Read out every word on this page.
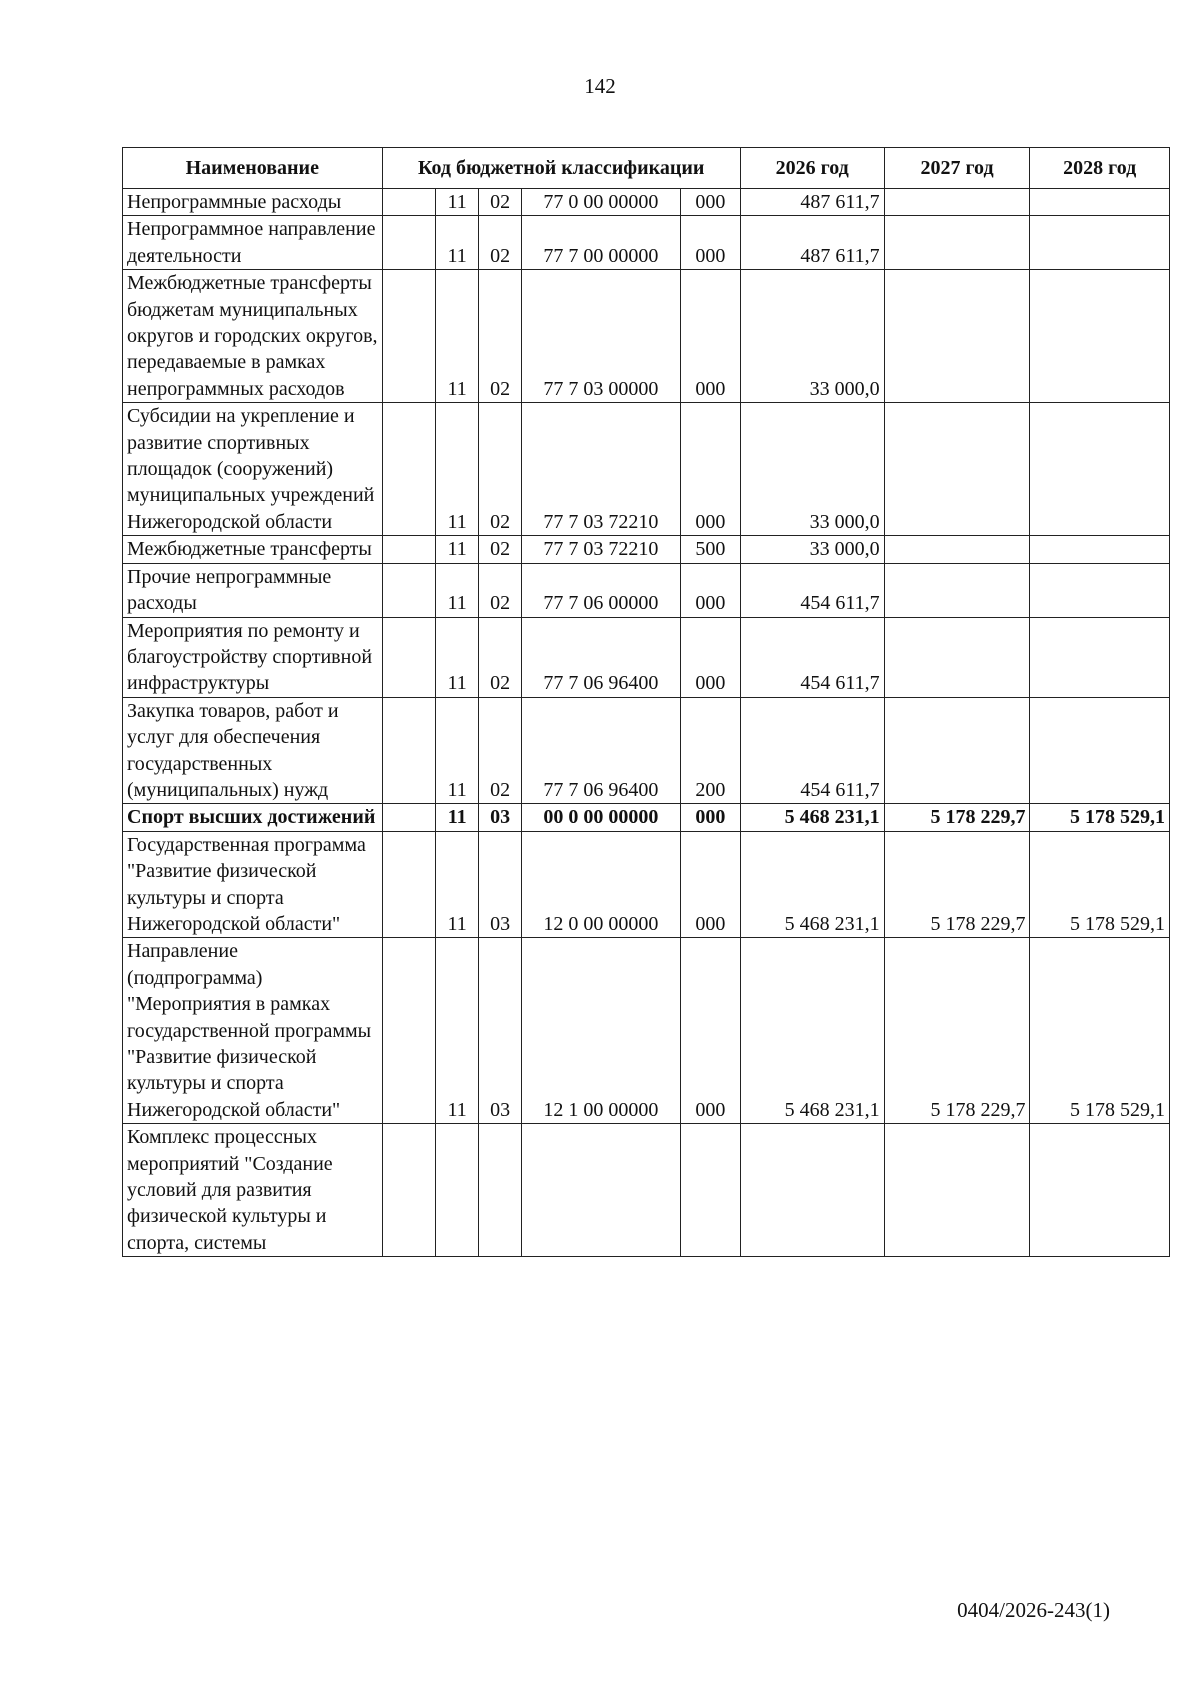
142
Наименование	Код бюджетной классификации					2026 год	2027 год	2028 год
Непрограммные расходы		11	02	77 0 00 00000	000	487 611,7		
Непрограммное направление деятельности		11	02	77 7 00 00000	000	487 611,7		
Межбюджетные трансферты бюджетам муниципальных округов и городских округов, передаваемые в рамках непрограммных расходов		11	02	77 7 03 00000	000	33 000,0		
Субсидии на укрепление и развитие спортивных площадок (сооружений) муниципальных учреждений Нижегородской области		11	02	77 7 03 72210	000	33 000,0		
Межбюджетные трансферты		11	02	77 7 03 72210	500	33 000,0		
Прочие непрограммные расходы		11	02	77 7 06 00000	000	454 611,7		
Мероприятия по ремонту и благоустройству спортивной инфраструктуры		11	02	77 7 06 96400	000	454 611,7		
Закупка товаров, работ и услуг для обеспечения государственных (муниципальных) нужд		11	02	77 7 06 96400	200	454 611,7		
Спорт высших достижений		11	03	00 0 00 00000	000	5 468 231,1	5 178 229,7	5 178 529,1
Государственная программа "Развитие физической культуры и спорта Нижегородской области"		11	03	12 0 00 00000	000	5 468 231,1	5 178 229,7	5 178 529,1
Направление (подпрограмма) "Мероприятия в рамках государственной программы "Развитие физической культуры и спорта Нижегородской области"		11	03	12 1 00 00000	000	5 468 231,1	5 178 229,7	5 178 529,1
Комплекс процессных мероприятий "Создание условий для развития физической культуры и спорта, системы								
0404/2026-243(1)
